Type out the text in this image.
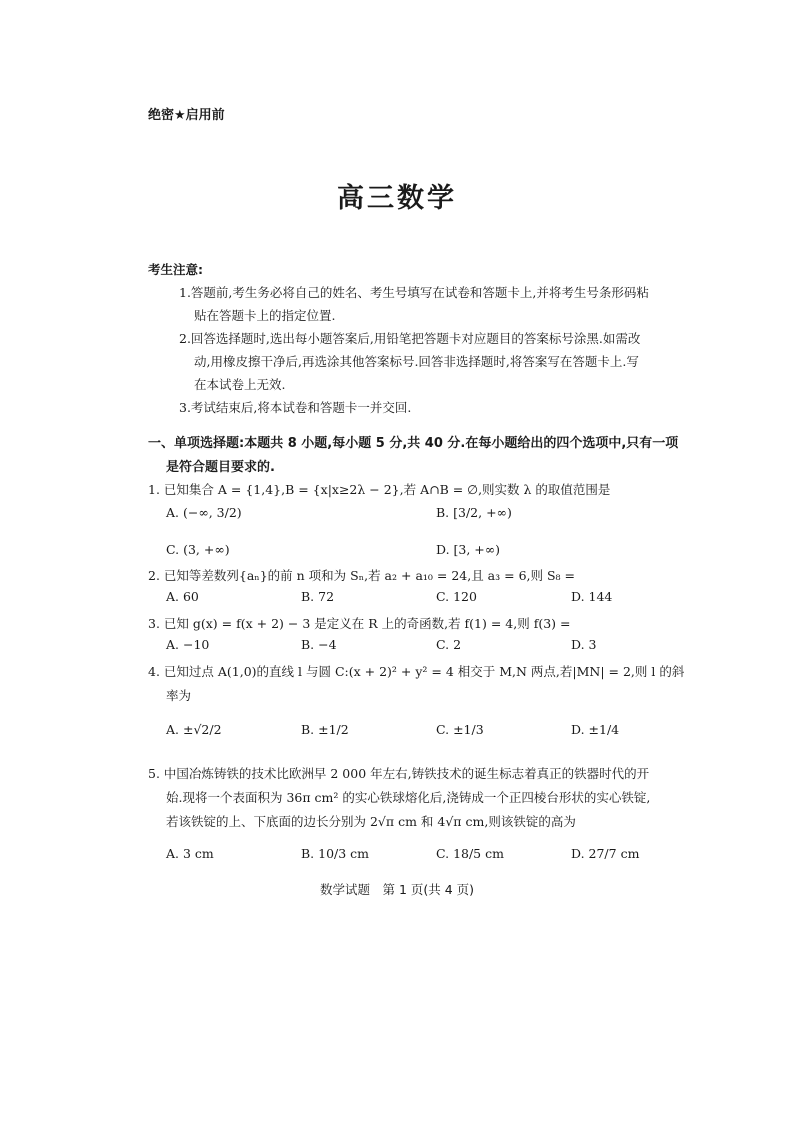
绝密★启用前
高三数学
考生注意:
1.答题前,考生务必将自己的姓名、考生号填写在试卷和答题卡上,并将考生号条形码粘
贴在答题卡上的指定位置.
2.回答选择题时,选出每小题答案后,用铅笔把答题卡对应题目的答案标号涂黑.如需改
动,用橡皮擦干净后,再选涂其他答案标号.回答非选择题时,将答案写在答题卡上.写
在本试卷上无效.
3.考试结束后,将本试卷和答题卡一并交回.
一、单项选择题:本题共 8 小题,每小题 5 分,共 40 分.在每小题给出的四个选项中,只有一项
是符合题目要求的.
1. 已知集合 A = {1,4},B = {x|x≥2λ − 2},若 A∩B = ∅,则实数 λ 的取值范围是
A. (−∞, 3/2)	B. [3/2, +∞)
C. (3, +∞)	D. [3, +∞)
2. 已知等差数列{aₙ}的前 n 项和为 Sₙ,若 a₂ + a₁₀ = 24,且 a₃ = 6,则 S₈ =
A. 60	B. 72	C. 120	D. 144
3. 已知 g(x) = f(x + 2) − 3 是定义在 R 上的奇函数,若 f(1) = 4,则 f(3) =
A. −10	B. −4	C. 2	D. 3
4. 已知过点 A(1,0)的直线 l 与圆 C:(x + 2)² + y² = 4 相交于 M,N 两点,若|MN| = 2,则 l 的斜
率为
A. ±√2/2	B. ±1/2	C. ±1/3	D. ±1/4
5. 中国冶炼铸铁的技术比欧洲早 2 000 年左右,铸铁技术的诞生标志着真正的铁器时代的开
始.现将一个表面积为 36π cm² 的实心铁球熔化后,浇铸成一个正四棱台形状的实心铁锭,
若该铁锭的上、下底面的边长分别为 2√π cm 和 4√π cm,则该铁锭的高为
A. 3 cm	B. 10/3 cm	C. 18/5 cm	D. 27/7 cm
数学试题　第 1 页(共 4 页)
